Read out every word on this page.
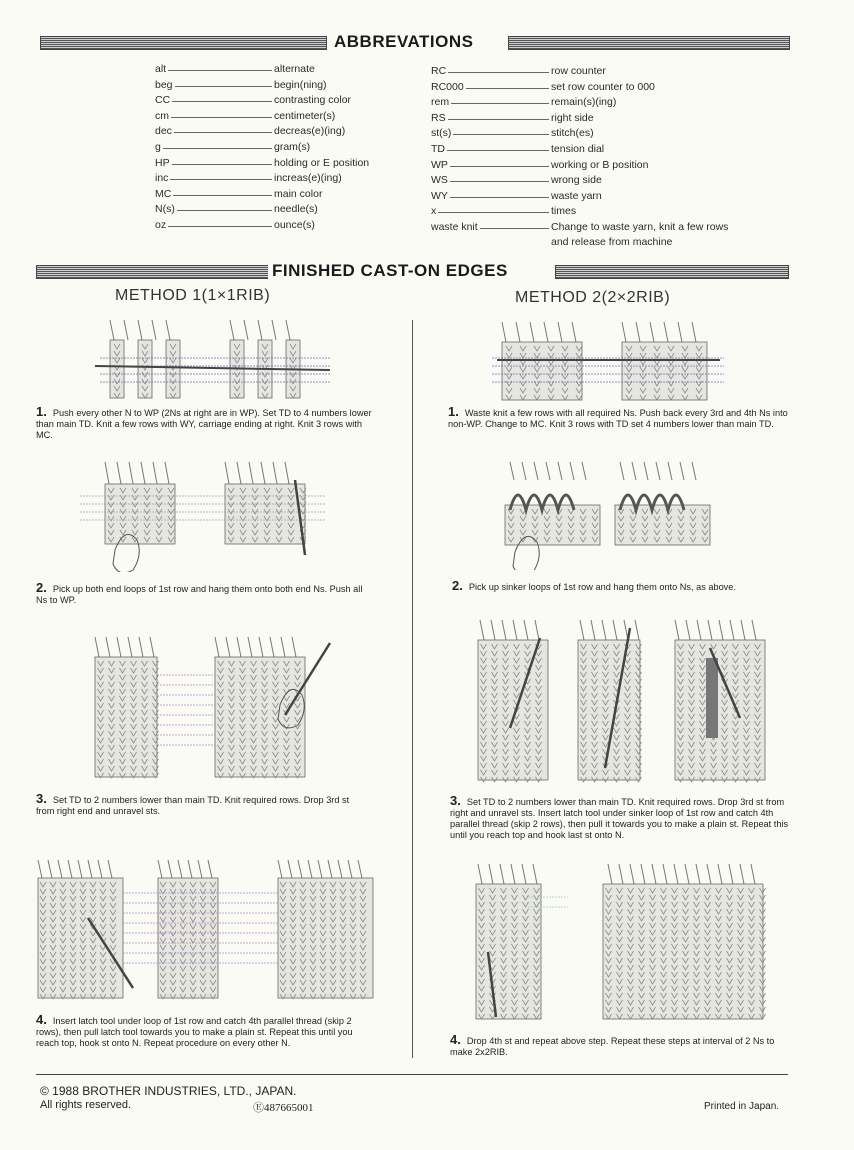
ABBREVATIONS
alt	alternate
beg	begin(ning)
CC	contrasting color
cm	centimeter(s)
dec	decreas(e)(ing)
g	gram(s)
HP	holding or E position
inc	increas(e)(ing)
MC	main color
N(s)	needle(s)
oz	ounce(s)
RC	row counter
RC000	set row counter to 000
rem	remain(s)(ing)
RS	right side
st(s)	stitch(es)
TD	tension dial
WP	working or B position
WS	wrong side
WY	waste yarn
x	times
waste knit	Change to waste yarn, knit a few rows
and release from machine
FINISHED CAST-ON EDGES
METHOD 1(1×1RIB)	METHOD 2(2×2RIB)
1. Push every other N to WP (2Ns at right are in WP). Set TD to 4 numbers lower than main TD. Knit a few rows with WY, carriage ending at right. Knit 3 rows with MC.
2. Pick up both end loops of 1st row and hang them onto both end Ns. Push all Ns to WP.
3. Set TD to 2 numbers lower than main TD. Knit required rows. Drop 3rd st from right end and unravel sts.
4. Insert latch tool under loop of 1st row and catch 4th parallel thread (skip 2 rows), then pull latch tool towards you to make a plain st. Repeat this until you reach top, hook st onto N. Repeat procedure on every other N.
1. Waste knit a few rows with all required Ns. Push back every 3rd and 4th Ns into non-WP. Change to MC. Knit 3 rows with TD set 4 numbers lower than main TD.
2. Pick up sinker loops of 1st row and hang them onto Ns, as above.
3. Set TD to 2 numbers lower than main TD. Knit required rows. Drop 3rd st from right and unravel sts. Insert latch tool under sinker loop of 1st row and catch 4th parallel thread (skip 2 rows), then pull it towards you to make a plain st. Repeat this until you reach top and hook last st onto N.
4. Drop 4th st and repeat above step. Repeat these steps at interval of 2 Ns to make 2x2RIB.
© 1988 BROTHER INDUSTRIES, LTD., JAPAN.
All rights reserved.	Ⓔ487665001	Printed in Japan.
